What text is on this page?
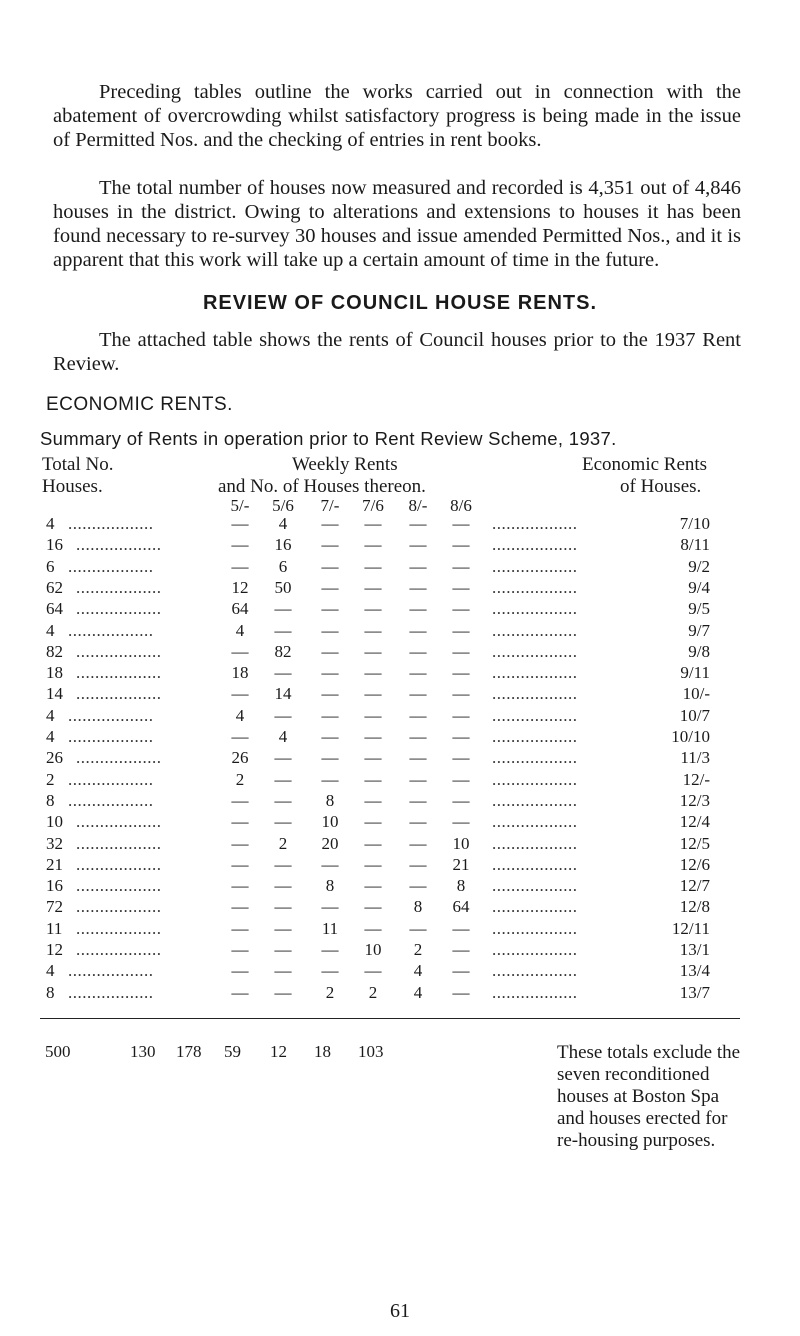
Preceding tables outline the works carried out in connection with the abatement of overcrowding whilst satisfactory progress is being made in the issue of Permitted Nos. and the checking of entries in rent books.
The total number of houses now measured and recorded is 4,351 out of 4,846 houses in the district. Owing to alterations and extensions to houses it has been found necessary to re-survey 30 houses and issue amended Permitted Nos., and it is apparent that this work will take up a certain amount of time in the future.
REVIEW OF COUNCIL HOUSE RENTS.
The attached table shows the rents of Council houses prior to the 1937 Rent Review.
ECONOMIC RENTS.
Summary of Rents in operation prior to Rent Review Scheme, 1937.
Total No.
Houses.
Weekly Rents
and No. of Houses thereon.
Economic Rents
of Houses.
5/-	5/6	7/-	7/6	8/-	8/6
4 ..................	—	4	—	—	—	—	..................	7/10
16 ..................	—	16	—	—	—	—	..................	8/11
6 ..................	—	6	—	—	—	—	..................	9/2
62 ..................	12	50	—	—	—	—	..................	9/4
64 ..................	64	—	—	—	—	—	..................	9/5
4 ..................	4	—	—	—	—	—	..................	9/7
82 ..................	—	82	—	—	—	—	..................	9/8
18 ..................	18	—	—	—	—	—	..................	9/11
14 ..................	—	14	—	—	—	—	..................	10/-
4 ..................	4	—	—	—	—	—	..................	10/7
4 ..................	—	4	—	—	—	—	..................	10/10
26 ..................	26	—	—	—	—	—	..................	11/3
2 ..................	2	—	—	—	—	—	..................	12/-
8 ..................	—	—	8	—	—	—	..................	12/3
10 ..................	—	—	10	—	—	—	..................	12/4
32 ..................	—	2	20	—	—	10	..................	12/5
21 ..................	—	—	—	—	—	21	..................	12/6
16 ..................	—	—	8	—	—	8	..................	12/7
72 ..................	—	—	—	—	8	64	..................	12/8
11 ..................	—	—	11	—	—	—	..................	12/11
12 ..................	—	—	—	10	2	—	..................	13/1
4 ..................	—	—	—	—	4	—	..................	13/4
8 ..................	—	—	2	2	4	—	..................	13/7
500	130 178 59 12 18 103	These totals exclude the seven reconditioned houses at Boston Spa and houses erected for re-housing purposes.
61
